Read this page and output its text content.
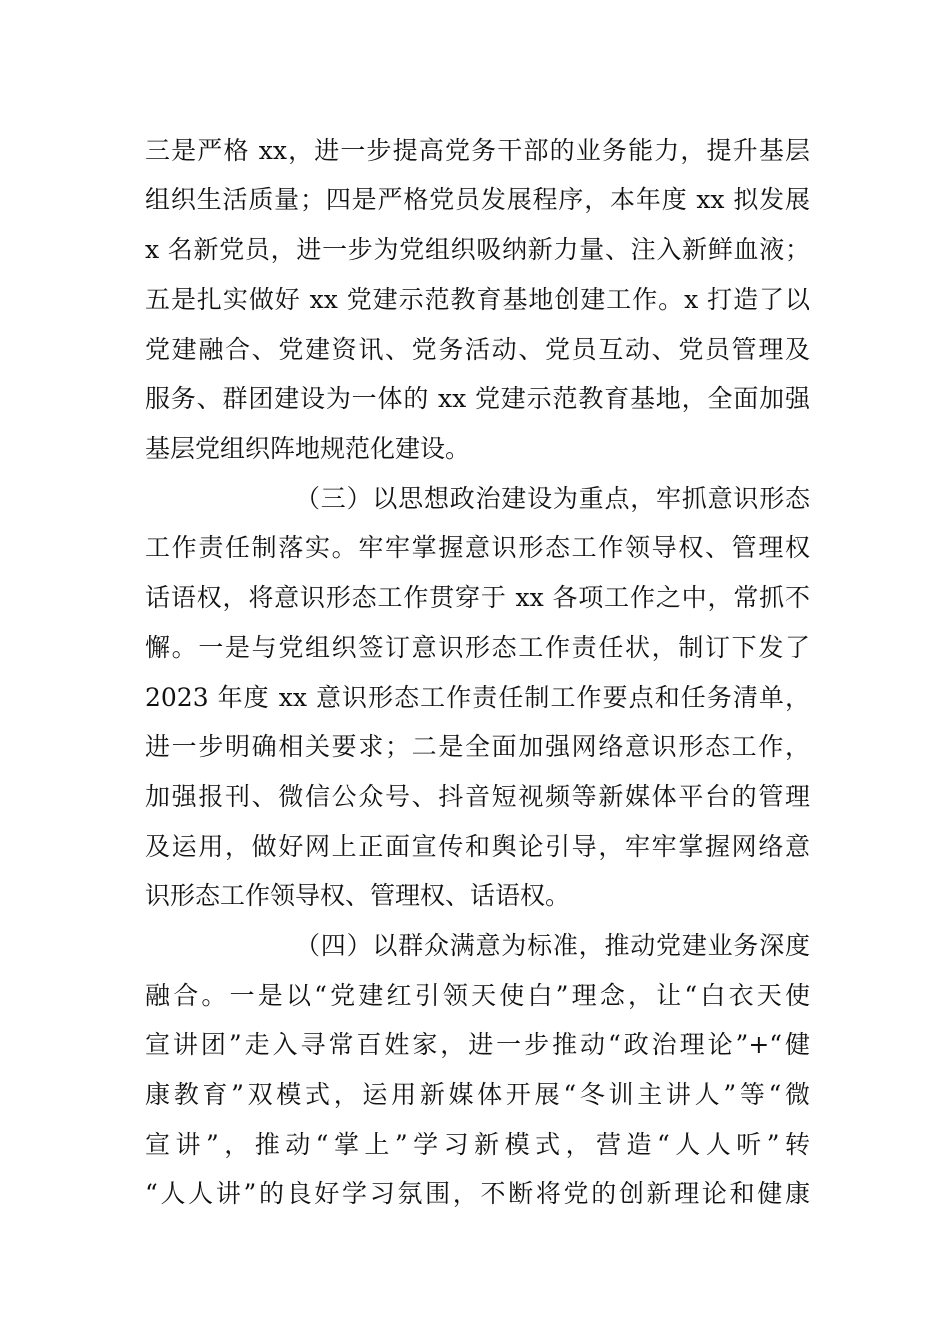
三是严格 xx，进一步提高党务干部的业务能力，提升基层
组织生活质量；四是严格党员发展程序，本年度 xx 拟发展
x 名新党员，进一步为党组织吸纳新力量、注入新鲜血液；
五是扎实做好 xx 党建示范教育基地创建工作。x 打造了以
党建融合、党建资讯、党务活动、党员互动、党员管理及
服务、群团建设为一体的 xx 党建示范教育基地，全面加强
基层党组织阵地规范化建设。
（三）以思想政治建设为重点，牢抓意识形态
工作责任制落实。牢牢掌握意识形态工作领导权、管理权
话语权，将意识形态工作贯穿于 xx 各项工作之中，常抓不
懈。一是与党组织签订意识形态工作责任状，制订下发了
2023 年度 xx 意识形态工作责任制工作要点和任务清单，
进一步明确相关要求；二是全面加强网络意识形态工作，
加强报刊、微信公众号、抖音短视频等新媒体平台的管理
及运用，做好网上正面宣传和舆论引导，牢牢掌握网络意
识形态工作领导权、管理权、话语权。
（四）以群众满意为标准，推动党建业务深度
融合。一是以“党建红引领天使白”理念，让“白衣天使
宣讲团”走入寻常百姓家，进一步推动“政治理论”+“健
康教育”双模式，运用新媒体开展“冬训主讲人”等“微
宣讲”，推动“掌上”学习新模式，营造“人人听”转
“人人讲”的良好学习氛围，不断将党的创新理论和健康
